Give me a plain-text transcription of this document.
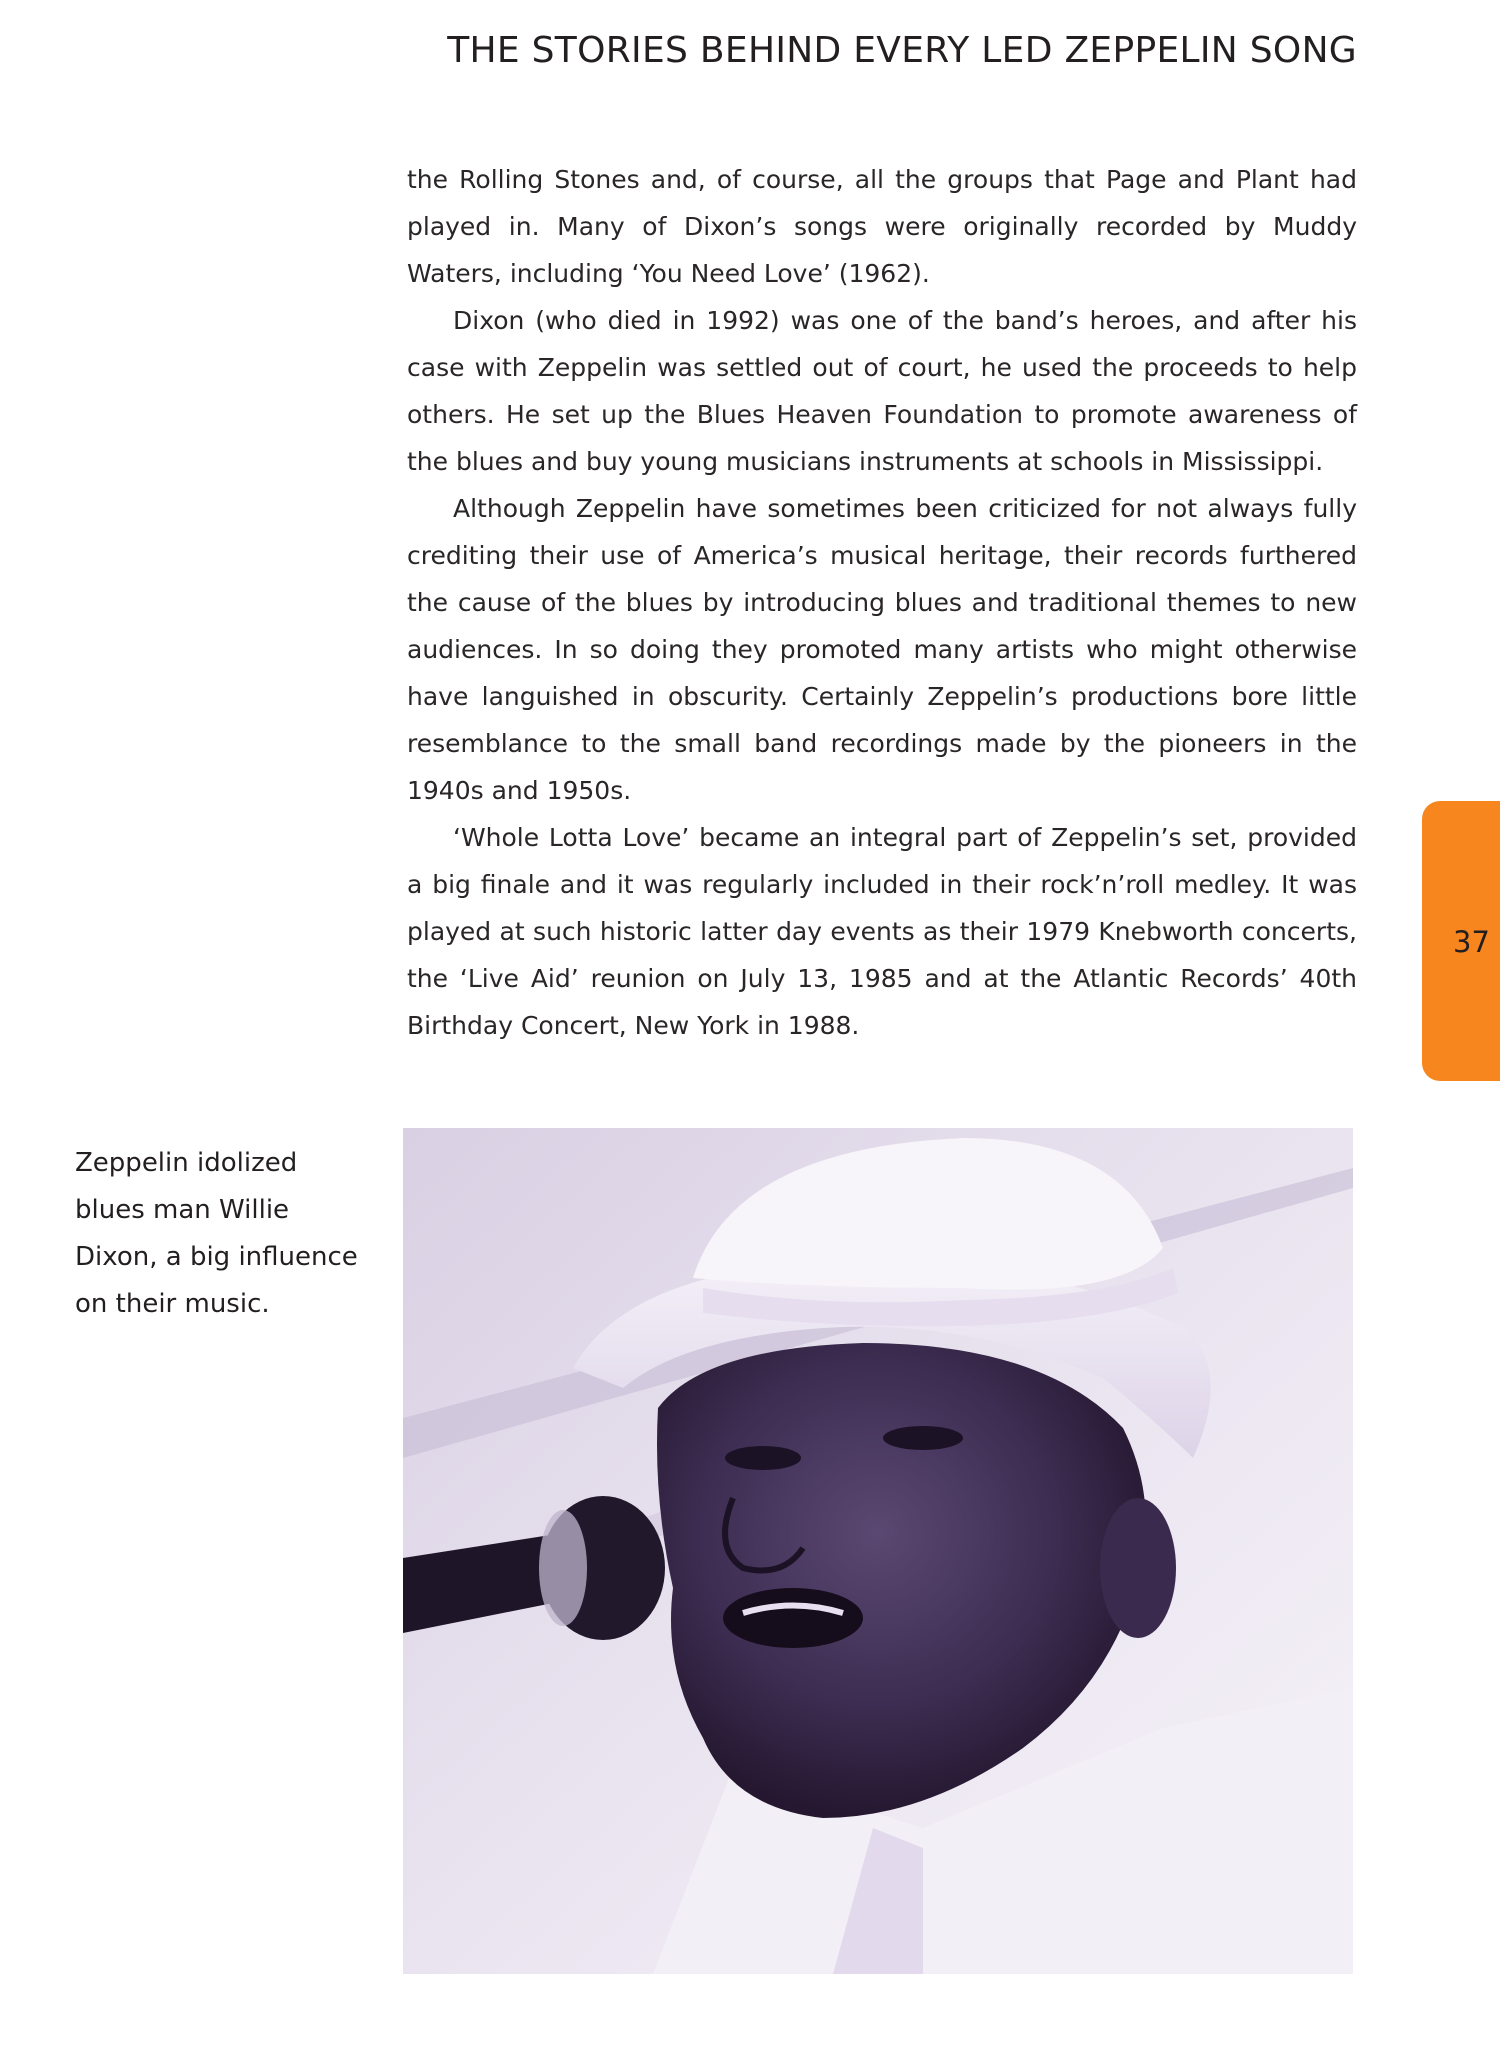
THE STORIES BEHIND EVERY LED ZEPPELIN SONG

the Rolling Stones and, of course, all the groups that Page and Plant had played in. Many of Dixon’s songs were originally recorded by Muddy Waters, including ‘You Need Love’ (1962).

Dixon (who died in 1992) was one of the band’s heroes, and after his case with Zeppelin was settled out of court, he used the proceeds to help others. He set up the Blues Heaven Foundation to promote awareness of the blues and buy young musicians instruments at schools in Mississippi.

Although Zeppelin have sometimes been criticized for not always fully crediting their use of America’s musical heritage, their records furthered the cause of the blues by introducing blues and traditional themes to new audiences. In so doing they promoted many artists who might otherwise have languished in obscurity. Certainly Zeppelin’s productions bore little resemblance to the small band recordings made by the pioneers in the 1940s and 1950s.

‘Whole Lotta Love’ became an integral part of Zeppelin’s set, provided a big finale and it was regularly included in their rock’n’roll medley. It was played at such historic latter day events as their 1979 Knebworth concerts, the ‘Live Aid’ reunion on July 13, 1985 and at the Atlantic Records’ 40th Birthday Concert, New York in 1988.

37
Zeppelin idolized blues man Willie Dixon, a big influence on their music.
